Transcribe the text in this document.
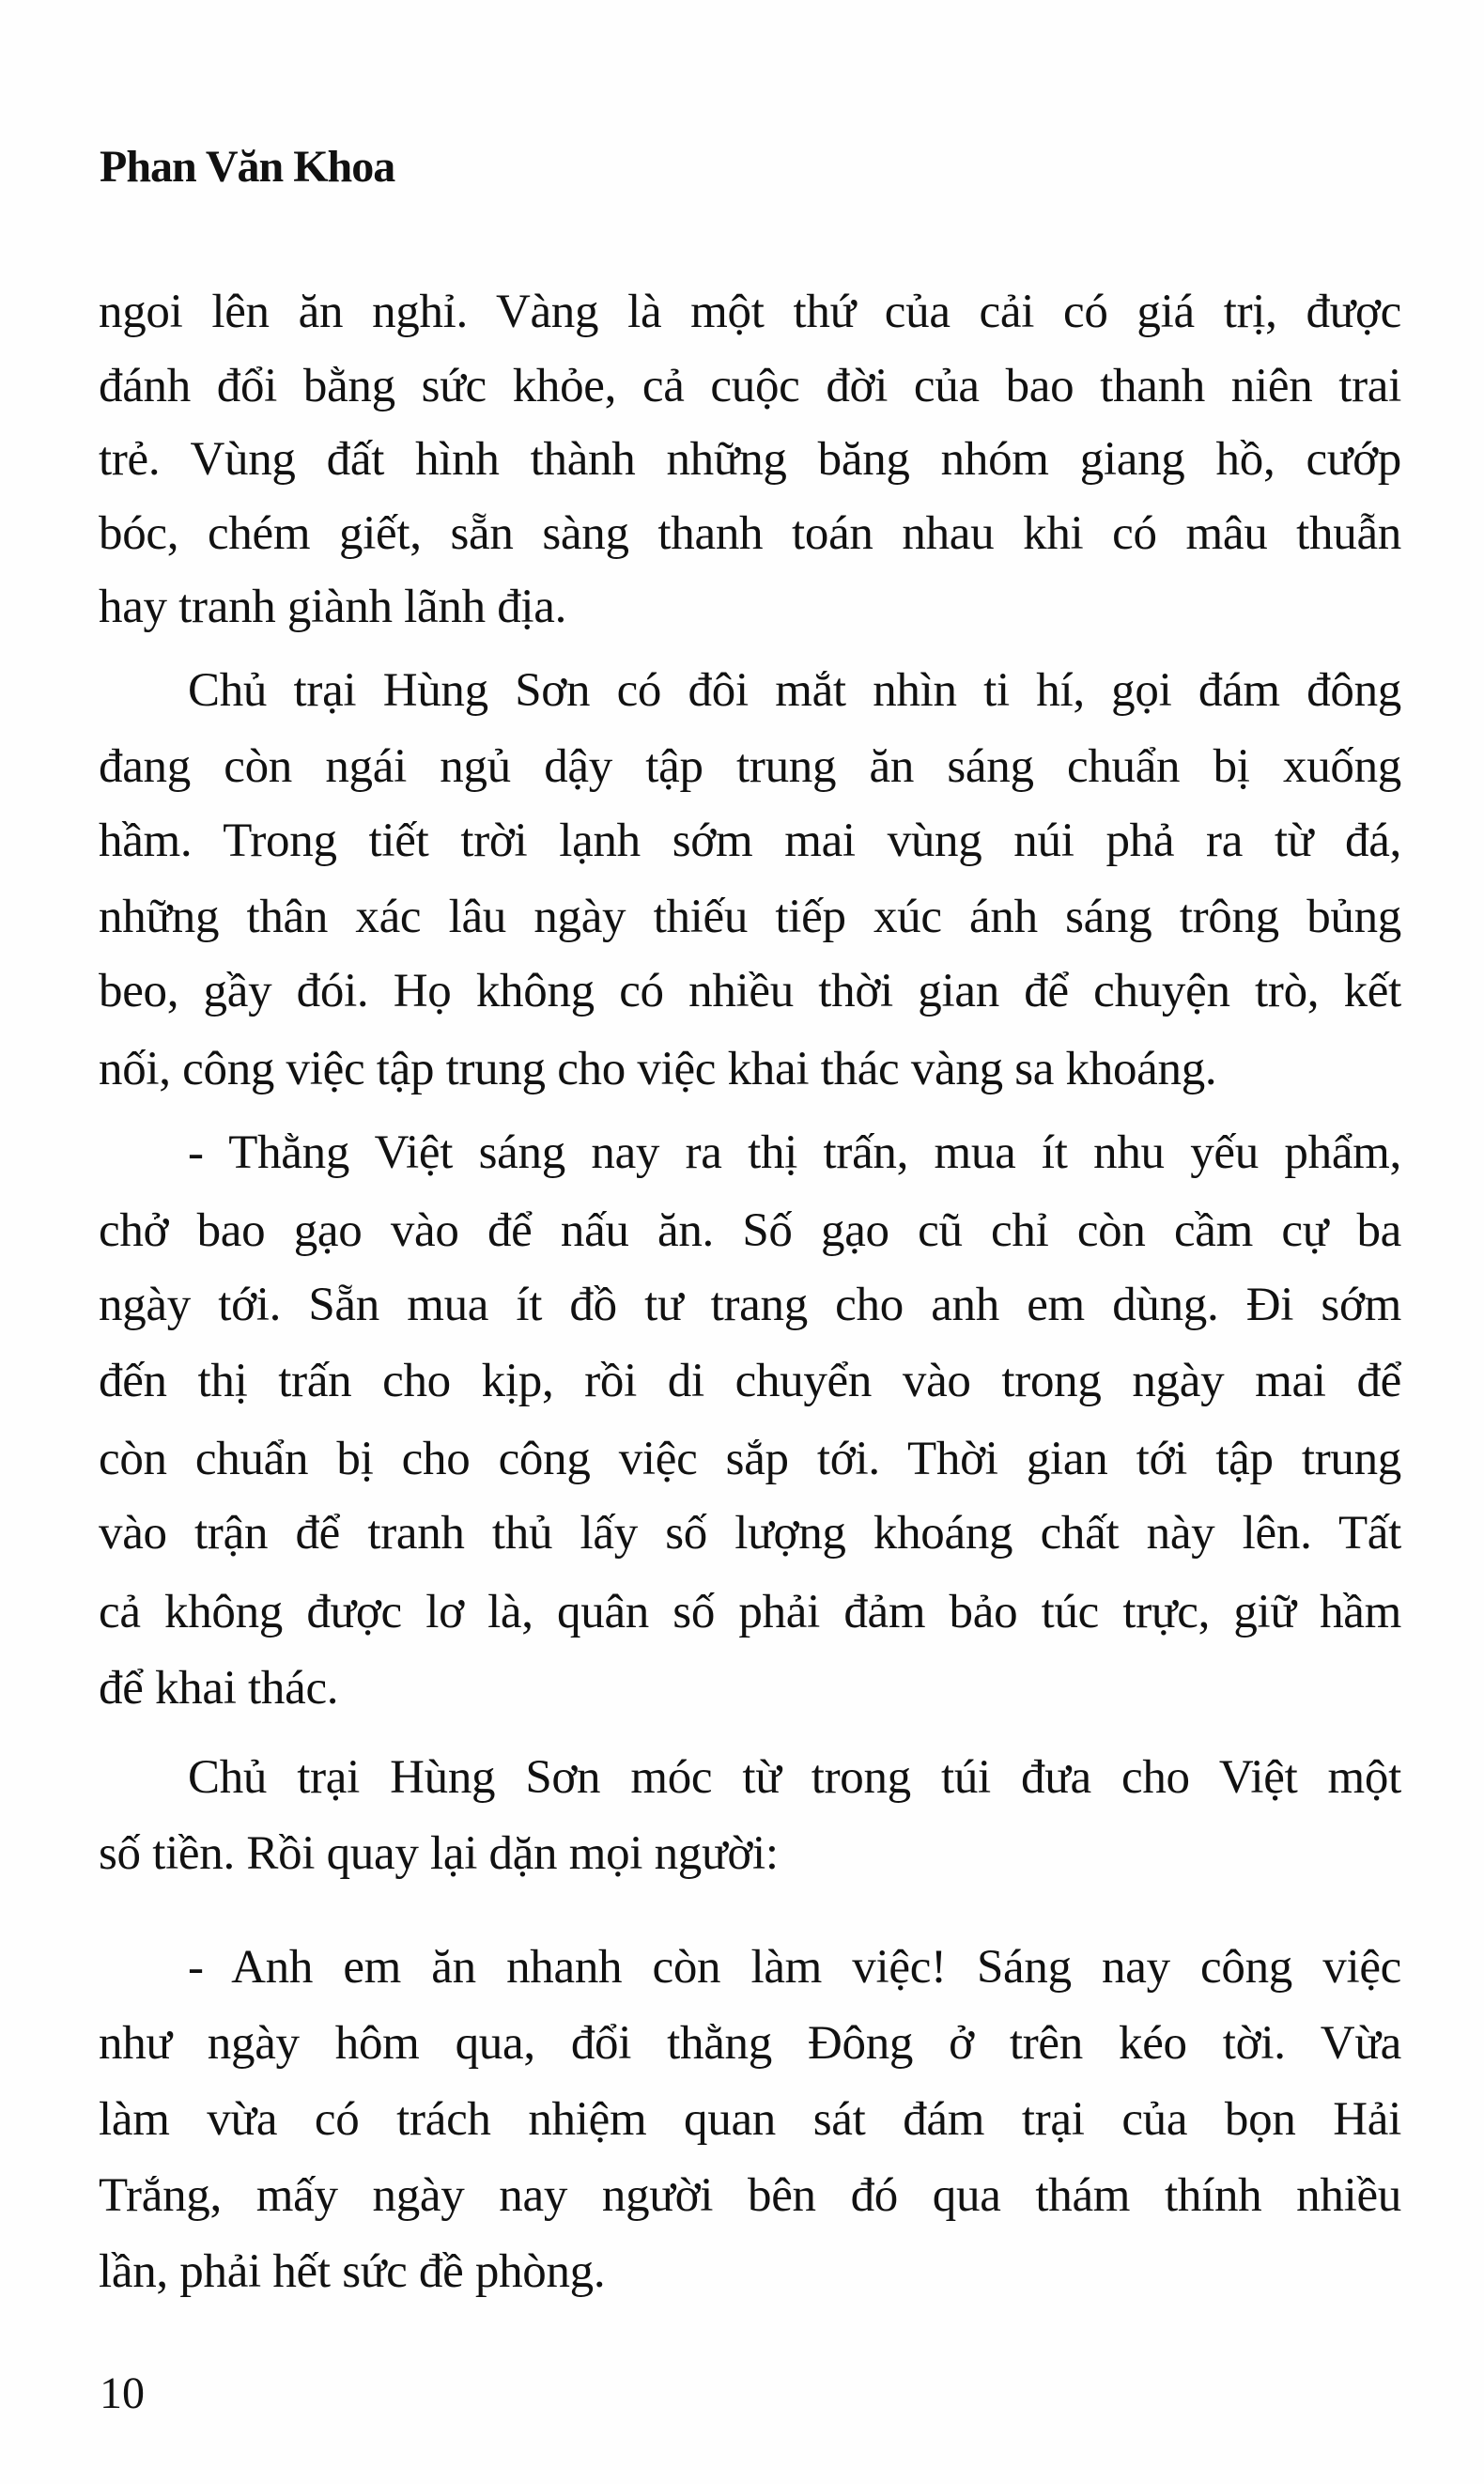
Phan Văn Khoa
ngoi lên ăn nghỉ. Vàng là một thứ của cải có giá trị, được
đánh đổi bằng sức khỏe, cả cuộc đời của bao thanh niên trai
trẻ. Vùng đất hình thành những băng nhóm giang hồ, cướp
bóc, chém giết, sẵn sàng thanh toán nhau khi có mâu thuẫn
hay tranh giành lãnh địa.
Chủ trại Hùng Sơn có đôi mắt nhìn ti hí, gọi đám đông
đang còn ngái ngủ dậy tập trung ăn sáng chuẩn bị xuống
hầm. Trong tiết trời lạnh sớm mai vùng núi phả ra từ đá,
những thân xác lâu ngày thiếu tiếp xúc ánh sáng trông bủng
beo, gầy đói. Họ không có nhiều thời gian để chuyện trò, kết
nối, công việc tập trung cho việc khai thác vàng sa khoáng.
- Thằng Việt sáng nay ra thị trấn, mua ít nhu yếu phẩm,
chở bao gạo vào để nấu ăn. Số gạo cũ chỉ còn cầm cự ba
ngày tới. Sẵn mua ít đồ tư trang cho anh em dùng. Đi sớm
đến thị trấn cho kịp, rồi di chuyển vào trong ngày mai để
còn chuẩn bị cho công việc sắp tới. Thời gian tới tập trung
vào trận để tranh thủ lấy số lượng khoáng chất này lên. Tất
cả không được lơ là, quân số phải đảm bảo túc trực, giữ hầm
để khai thác.
Chủ trại Hùng Sơn móc từ trong túi đưa cho Việt một
số tiền. Rồi quay lại dặn mọi người:
- Anh em ăn nhanh còn làm việc! Sáng nay công việc
như ngày hôm qua, đổi thằng Đông ở trên kéo tời. Vừa
làm vừa có trách nhiệm quan sát đám trại của bọn Hải
Trắng, mấy ngày nay người bên đó qua thám thính nhiều
lần, phải hết sức đề phòng.
10
